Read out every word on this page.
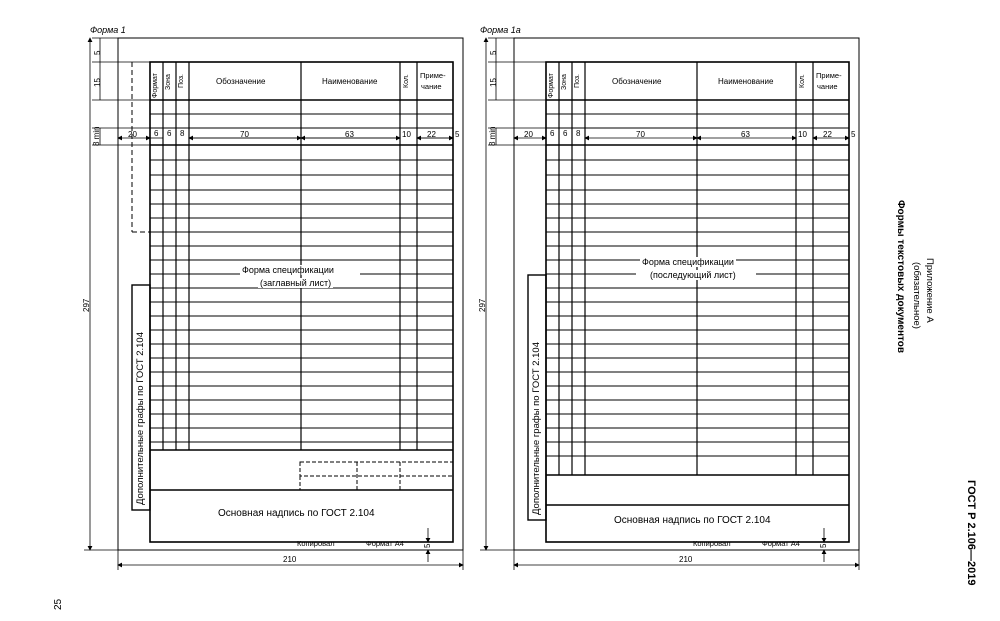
Форма 1
6 6 8
Формат Зона Поз.	Обозначение	Наименование	Кол. Приме-
чание
5
15
8 min
297
5
20	70	63	10 22 5
210
Форма спецификации
(заглавный лист)
Дополнительные графы по ГОСТ 2.104
Основная надпись по ГОСТ 2.104
Копировал	Формат А4
Форма 1а
6 6 8
Формат Зона Поз.	Обозначение	Наименование	Кол. Приме-
чание
5
15
8 min
297
5
20	70	63	10 22 5
210
Форма спецификации
(последующий лист)
Дополнительные графы по ГОСТ 2.104
Основная надпись по ГОСТ 2.104
Копировал	Формат А4
Приложение А
(обязательное)
Формы текстовых документов
ГОСТ Р 2.106—2019
25
